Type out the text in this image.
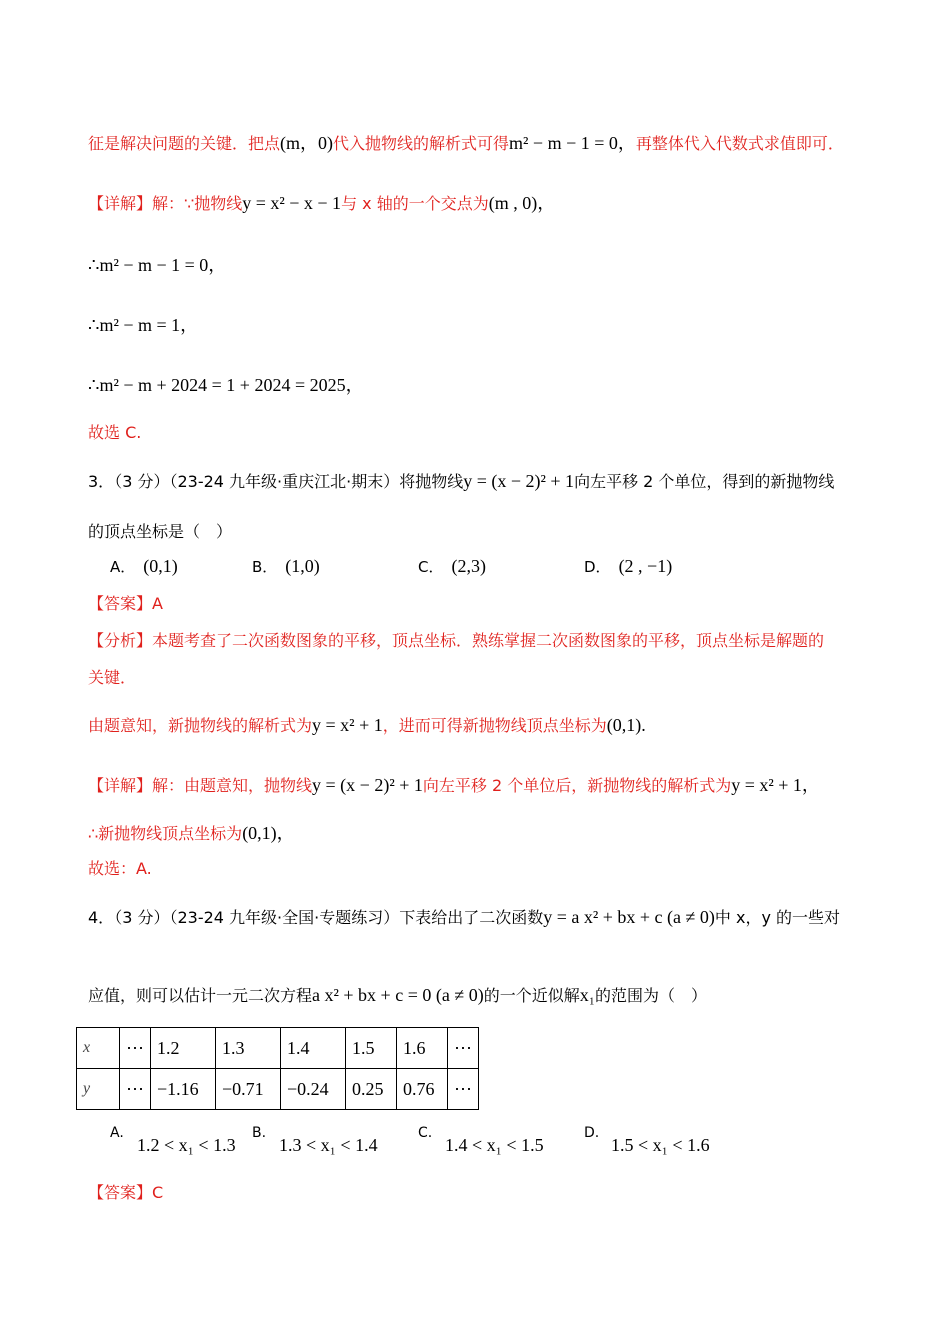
征是解决问题的关键．把点(m，0)代入抛物线的解析式可得m² − m − 1 = 0，再整体代入代数式求值即可．
【详解】解：∵抛物线y = x² − x − 1与 x 轴的一个交点为(m , 0)，
∴m² − m − 1 = 0，
∴m² − m = 1，
∴m² − m + 2024 = 1 + 2024 = 2025，
故选 C.
3．（3 分）（23-24 九年级·重庆江北·期末）将抛物线y = (x − 2)² + 1向左平移 2 个单位，得到的新抛物线
的顶点坐标是（　）
A． (0,1)	B． (1,0)	C． (2,3)	D． (2 , −1)
【答案】A
【分析】本题考查了二次函数图象的平移，顶点坐标．熟练掌握二次函数图象的平移，顶点坐标是解题的
关键．
由题意知，新抛物线的解析式为y = x² + 1，进而可得新抛物线顶点坐标为(0,1).
【详解】解：由题意知，抛物线y = (x − 2)² + 1向左平移 2 个单位后，新抛物线的解析式为y = x² + 1，
∴新抛物线顶点坐标为(0,1)，
故选：A.
4．（3 分）（23-24 九年级·全国·专题练习）下表给出了二次函数y = a x² + bx + c (a ≠ 0)中 x，y 的一些对
应值，则可以估计一元二次方程a x² + bx + c = 0 (a ≠ 0)的一个近似解x₁的范围为（　）
x	⋯	1.2	1.3	1.4	1.5	1.6	⋯
y	⋯	−1.16	−0.71	−0.24	0.25	0.76	⋯
A.
1.2 < x₁ < 1.3
B.
1.3 < x₁ < 1.4
C.
1.4 < x₁ < 1.5
D.
1.5 < x₁ < 1.6
【答案】C
